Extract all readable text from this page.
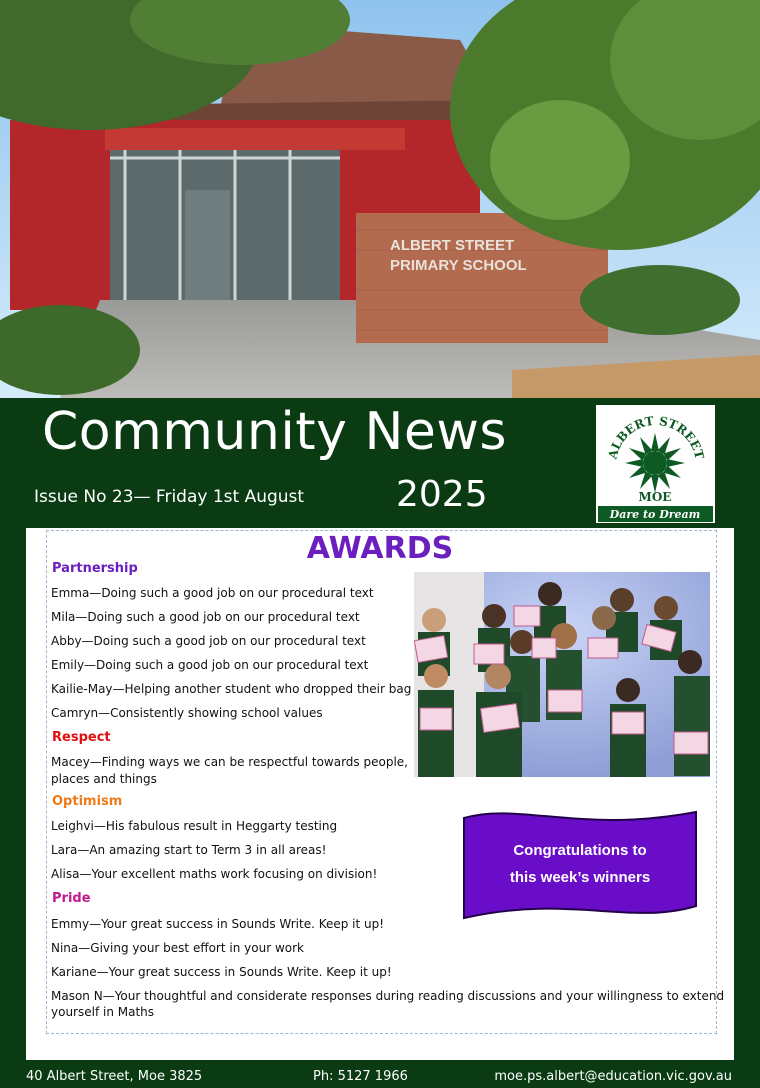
ALBERT STREET
PRIMARY SCHOOL
Community News
Issue No 23— Friday 1st August	2025
ALBERT STREET
MOE
Dare to Dream
AWARDS
Partnership
Emma—Doing such a good job on our procedural text
Mila—Doing such a good job on our procedural text
Abby—Doing such a good job on our procedural text
Emily—Doing such a good job on our procedural text
Kailie-May—Helping another student who dropped their bag
Camryn—Consistently showing school values
Respect
Macey—Finding ways we can be respectful towards people,
places and things
Optimism
Leighvi—His fabulous result in Heggarty testing
Lara—An amazing start to Term 3 in all areas!
Alisa—Your excellent maths work focusing on division!
Pride
Emmy—Your great success in Sounds Write. Keep it up!
Nina—Giving your best effort in your work
Kariane—Your great success in Sounds Write. Keep it up!
Mason N—Your thoughtful and considerate responses during reading discussions and your willingness to extend
yourself in Maths
Congratulations to
this week’s winners
40 Albert Street, Moe 3825	Ph: 5127 1966	moe.ps.albert@education.vic.gov.au
